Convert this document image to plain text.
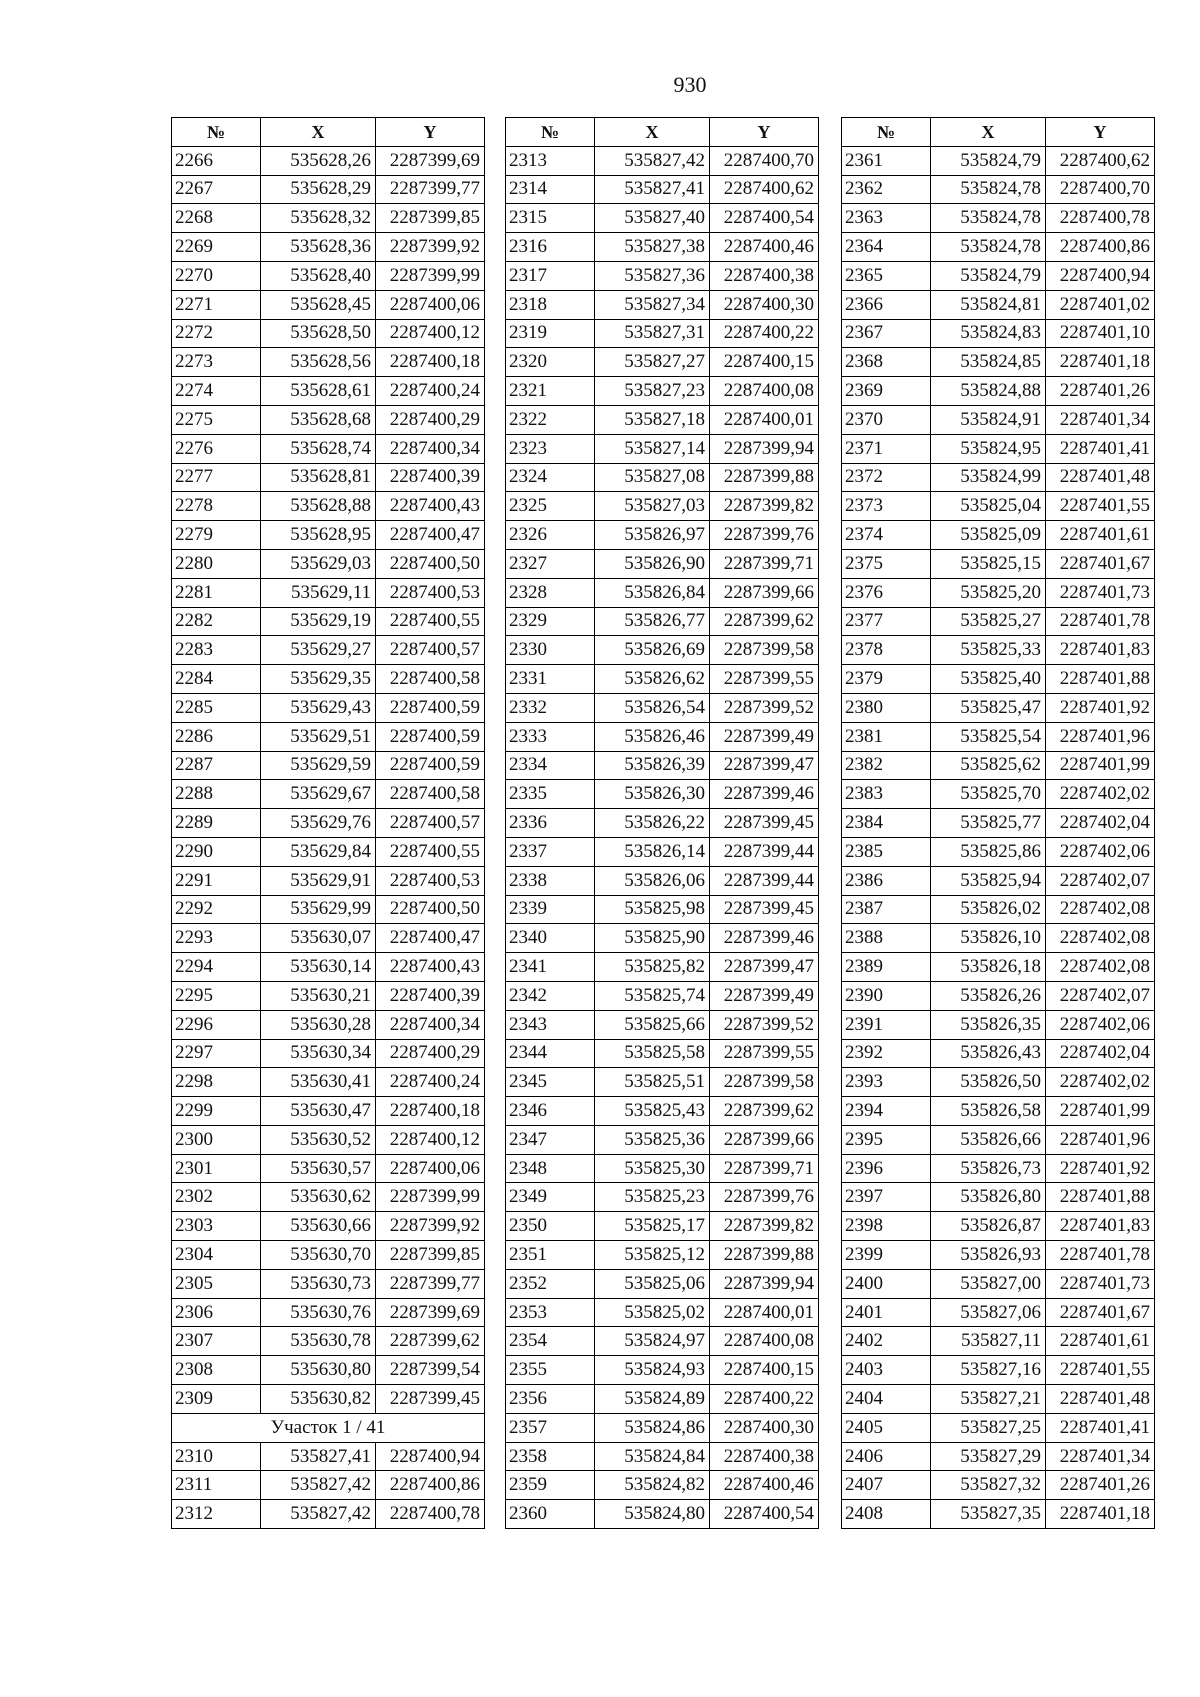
930
№	X	Y
2266	535628,26	2287399,69
2267	535628,29	2287399,77
2268	535628,32	2287399,85
2269	535628,36	2287399,92
2270	535628,40	2287399,99
2271	535628,45	2287400,06
2272	535628,50	2287400,12
2273	535628,56	2287400,18
2274	535628,61	2287400,24
2275	535628,68	2287400,29
2276	535628,74	2287400,34
2277	535628,81	2287400,39
2278	535628,88	2287400,43
2279	535628,95	2287400,47
2280	535629,03	2287400,50
2281	535629,11	2287400,53
2282	535629,19	2287400,55
2283	535629,27	2287400,57
2284	535629,35	2287400,58
2285	535629,43	2287400,59
2286	535629,51	2287400,59
2287	535629,59	2287400,59
2288	535629,67	2287400,58
2289	535629,76	2287400,57
2290	535629,84	2287400,55
2291	535629,91	2287400,53
2292	535629,99	2287400,50
2293	535630,07	2287400,47
2294	535630,14	2287400,43
2295	535630,21	2287400,39
2296	535630,28	2287400,34
2297	535630,34	2287400,29
2298	535630,41	2287400,24
2299	535630,47	2287400,18
2300	535630,52	2287400,12
2301	535630,57	2287400,06
2302	535630,62	2287399,99
2303	535630,66	2287399,92
2304	535630,70	2287399,85
2305	535630,73	2287399,77
2306	535630,76	2287399,69
2307	535630,78	2287399,62
2308	535630,80	2287399,54
2309	535630,82	2287399,45
Участок 1 / 41		
2310	535827,41	2287400,94
2311	535827,42	2287400,86
2312	535827,42	2287400,78
№	X	Y
2313	535827,42	2287400,70
2314	535827,41	2287400,62
2315	535827,40	2287400,54
2316	535827,38	2287400,46
2317	535827,36	2287400,38
2318	535827,34	2287400,30
2319	535827,31	2287400,22
2320	535827,27	2287400,15
2321	535827,23	2287400,08
2322	535827,18	2287400,01
2323	535827,14	2287399,94
2324	535827,08	2287399,88
2325	535827,03	2287399,82
2326	535826,97	2287399,76
2327	535826,90	2287399,71
2328	535826,84	2287399,66
2329	535826,77	2287399,62
2330	535826,69	2287399,58
2331	535826,62	2287399,55
2332	535826,54	2287399,52
2333	535826,46	2287399,49
2334	535826,39	2287399,47
2335	535826,30	2287399,46
2336	535826,22	2287399,45
2337	535826,14	2287399,44
2338	535826,06	2287399,44
2339	535825,98	2287399,45
2340	535825,90	2287399,46
2341	535825,82	2287399,47
2342	535825,74	2287399,49
2343	535825,66	2287399,52
2344	535825,58	2287399,55
2345	535825,51	2287399,58
2346	535825,43	2287399,62
2347	535825,36	2287399,66
2348	535825,30	2287399,71
2349	535825,23	2287399,76
2350	535825,17	2287399,82
2351	535825,12	2287399,88
2352	535825,06	2287399,94
2353	535825,02	2287400,01
2354	535824,97	2287400,08
2355	535824,93	2287400,15
2356	535824,89	2287400,22
2357	535824,86	2287400,30
2358	535824,84	2287400,38
2359	535824,82	2287400,46
2360	535824,80	2287400,54
№	X	Y
2361	535824,79	2287400,62
2362	535824,78	2287400,70
2363	535824,78	2287400,78
2364	535824,78	2287400,86
2365	535824,79	2287400,94
2366	535824,81	2287401,02
2367	535824,83	2287401,10
2368	535824,85	2287401,18
2369	535824,88	2287401,26
2370	535824,91	2287401,34
2371	535824,95	2287401,41
2372	535824,99	2287401,48
2373	535825,04	2287401,55
2374	535825,09	2287401,61
2375	535825,15	2287401,67
2376	535825,20	2287401,73
2377	535825,27	2287401,78
2378	535825,33	2287401,83
2379	535825,40	2287401,88
2380	535825,47	2287401,92
2381	535825,54	2287401,96
2382	535825,62	2287401,99
2383	535825,70	2287402,02
2384	535825,77	2287402,04
2385	535825,86	2287402,06
2386	535825,94	2287402,07
2387	535826,02	2287402,08
2388	535826,10	2287402,08
2389	535826,18	2287402,08
2390	535826,26	2287402,07
2391	535826,35	2287402,06
2392	535826,43	2287402,04
2393	535826,50	2287402,02
2394	535826,58	2287401,99
2395	535826,66	2287401,96
2396	535826,73	2287401,92
2397	535826,80	2287401,88
2398	535826,87	2287401,83
2399	535826,93	2287401,78
2400	535827,00	2287401,73
2401	535827,06	2287401,67
2402	535827,11	2287401,61
2403	535827,16	2287401,55
2404	535827,21	2287401,48
2405	535827,25	2287401,41
2406	535827,29	2287401,34
2407	535827,32	2287401,26
2408	535827,35	2287401,18
